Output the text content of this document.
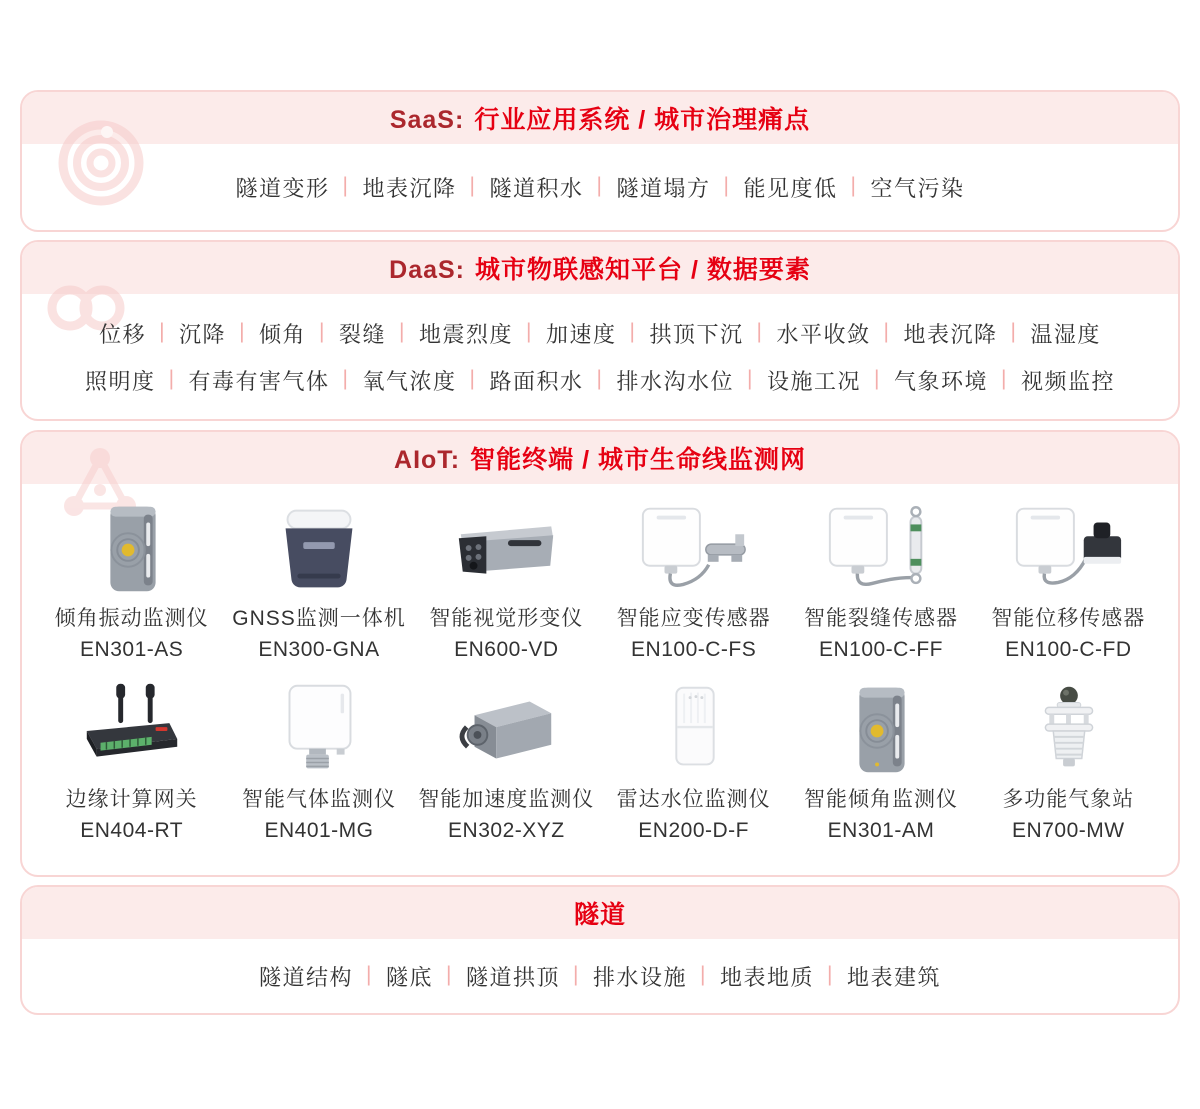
SaaS: 行业应用系统 / 城市治理痛点
隧道变形 | 地表沉降 | 隧道积水 | 隧道塌方 | 能见度低 | 空气污染
DaaS: 城市物联感知平台 / 数据要素
位移 | 沉降 | 倾角 | 裂缝 | 地震烈度 | 加速度 | 拱顶下沉 | 水平收敛 | 地表沉降 | 温湿度
照明度 | 有毒有害气体 | 氧气浓度 | 路面积水 | 排水沟水位 | 设施工况 | 气象环境 | 视频监控
AIoT: 智能终端 / 城市生命线监测网
倾角振动监测仪
EN301-AS
GNSS监测一体机
EN300-GNA
智能视觉形变仪
EN600-VD
智能应变传感器
EN100-C-FS
智能裂缝传感器
EN100-C-FF
智能位移传感器
EN100-C-FD
边缘计算网关
EN404-RT
智能气体监测仪
EN401-MG
智能加速度监测仪
EN302-XYZ
雷达水位监测仪
EN200-D-F
智能倾角监测仪
EN301-AM
多功能气象站
EN700-MW
隧道
隧道结构 | 隧底 | 隧道拱顶 | 排水设施 | 地表地质 | 地表建筑
